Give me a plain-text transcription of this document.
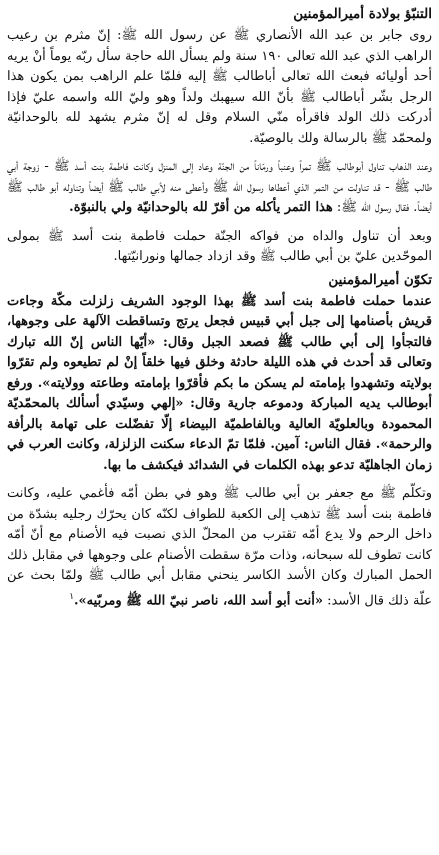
التنبّؤ بولادة أميرالمؤمنين

روى جابر بن عبد الله الأنصاري ﷺ عن رسول الله ﷺ: إنّ مثرم بن رعيب الراهب الذي عبد الله تعالى ١٩٠ سنة ولم يسأل الله حاجة سأل ربّه يوماً أنْ يريه أحد أوليائه فبعث الله تعالى أباطالب ﷺ إليه فلمّا علم الراهب بمن يكون هذا الرجل بشّر أباطالب ﷺ بأنّ الله سيهبك ولداً وهو وليّ الله واسمه عليّ فإذا أدركت ذلك الولد فاقرأه منّي السلام وقل له إنّ مثرم يشهد لله بالوحدانيّة ولمحمّد ﷺ بالرسالة ولك بالوصيّة.

وعند الذهاب تناول أبوطالب ﷺ تمراً وعنباً ورمّاناً من الجنّة وعاد إلى المنزل وكانت فاطمة بنت أسد ﷺ - زوجة أبي طالب ﷺ - قد تناولت من التمر الذي أعطاها رسول الله ﷺ وأعطى منه لأبي طالب ﷺ أيضاً وتناوله أبو طالب ﷺ أيضاً. فقال رسول الله ﷺ: هذا التمر يأكله من أقرّ لله بالوحدانيّة ولي بالنبوّة.

وبعد أن تناول والداه من فواكه الجنّة حملت فاطمة بنت أسد ﷺ بمولى الموحّدين عليّ بن أبي طالب ﷺ وقد ازداد جمالها ونورانيّتها.

تكوّن أميرالمؤمنين

عندما حملت فاطمة بنت أسد ﷺ بهذا الوجود الشريف زلزلت مكّة وجاءت قريش بأصنامها إلى جبل أبي قبيس فجعل يرتج وتساقطت الآلهة على وجوهها، فالتجأوا إلى أبي طالب ﷺ فصعد الجبل وقال: «أيّها الناس إنّ الله تبارك وتعالى قد أحدث في هذه الليلة حادثة وخلق فيها خلقاً إنْ لم تطيعوه ولم تقرّوا بولايته وتشهدوا بإمامته لم يسكن ما بكم فأقرّوا بإمامته وطاعته وولايته». ورفع أبوطالب يديه المباركة ودموعه جارية وقال: «إلهي وسيّدي أسألك بالمحمّديّة المحمودة وبالعلويّة العالية وبالفاطميّة البيضاء إلّا تفضّلت على تهامة بالرأفة والرحمة». فقال الناس: آمين. فلمّا تمّ الدعاء سكنت الزلزلة، وكانت العرب في زمان الجاهليّة تدعو بهذه الكلمات في الشدائد فيكشف ما بها.

وتكلّم ﷺ مع جعفر بن أبي طالب ﷺ وهو في بطن أمّه فأغمي عليه، وكانت فاطمة بنت أسد ﷺ تذهب إلى الكعبة للطواف لكنّه كان يحرّك رجليه بشدّة من داخل الرحم ولا يدع أمّه تقترب من المحلّ الذي نصبت فيه الأصنام مع أنّ أمّه كانت تطوف لله سبحانه، وذات مرّة سقطت الأصنام على وجوهها في مقابل ذلك الحمل المبارك وكان الأسد الكاسر ينحني مقابل أبي طالب ﷺ ولمّا بحث عن علّة ذلك قال الأسد: «أنت أبو أسد الله، ناصر نبيّ الله ﷺ ومربّيه».$^١$
